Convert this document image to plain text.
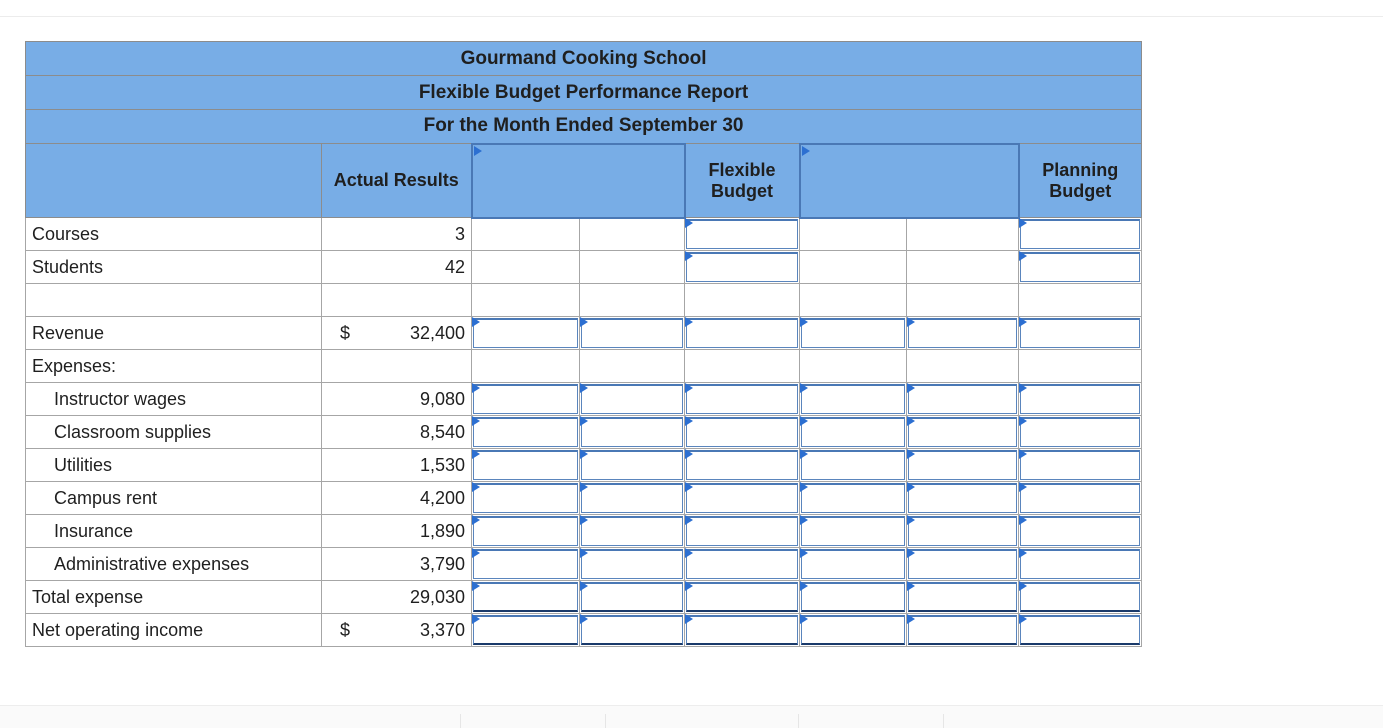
Gourmand Cooking School							
Flexible Budget Performance Report							
For the Month Ended September 30							
	Actual Results			Flexible Budget			Planning Budget
Courses	3			

Students	42			

Revenue	$ 32,400						

Expenses:							
Instructor wages	9,080	

Classroom supplies	8,540	

Utilities	1,530	

Campus rent	4,200	

Insurance	1,890	

Administrative expenses	3,790	

Total expense	29,030	

Net operating income	$ 3,370						
